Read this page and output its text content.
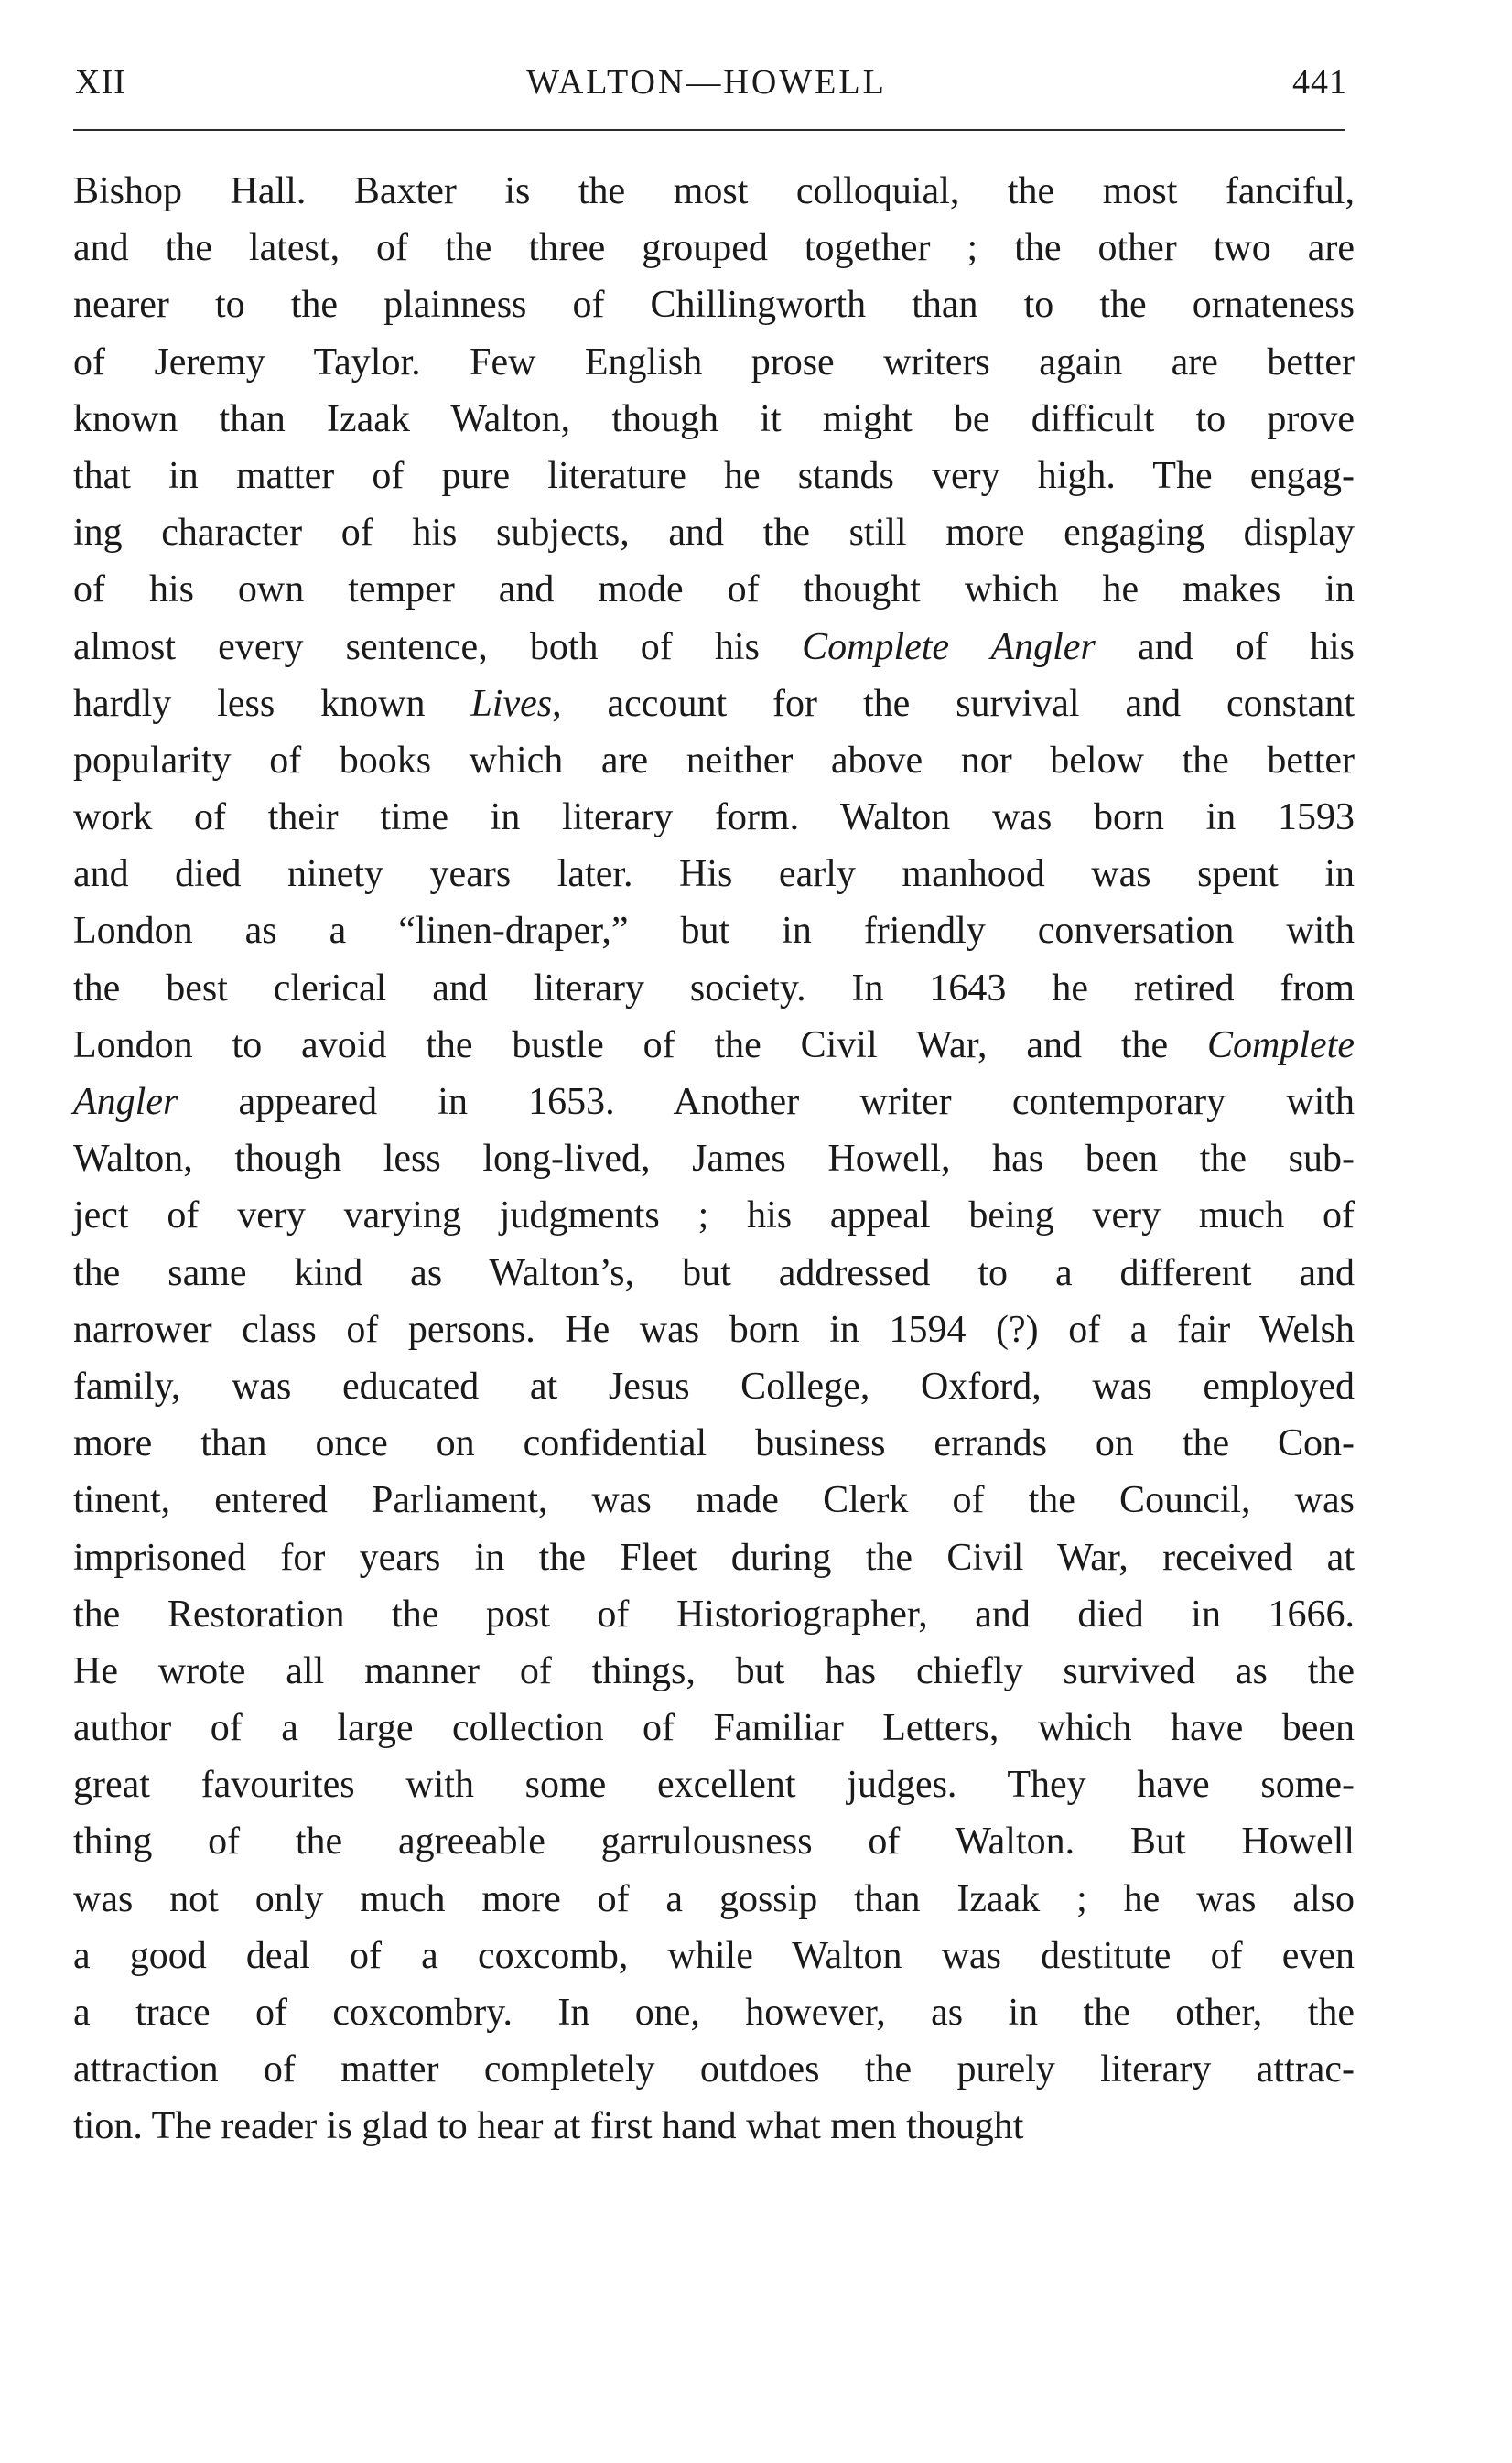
XII	WALTON—HOWELL	441
Bishop Hall. Baxter is the most colloquial, the most fanciful,
and the latest, of the three grouped together ; the other two are
nearer to the plainness of Chillingworth than to the ornateness
of Jeremy Taylor. Few English prose writers again are better
known than Izaak Walton, though it might be difficult to prove
that in matter of pure literature he stands very high. The engag-
ing character of his subjects, and the still more engaging display
of his own temper and mode of thought which he makes in
almost every sentence, both of his Complete Angler and of his
hardly less known Lives, account for the survival and constant
popularity of books which are neither above nor below the better
work of their time in literary form. Walton was born in 1593
and died ninety years later. His early manhood was spent in
London as a “linen-draper,” but in friendly conversation with
the best clerical and literary society. In 1643 he retired from
London to avoid the bustle of the Civil War, and the Complete
Angler appeared in 1653. Another writer contemporary with
Walton, though less long-lived, James Howell, has been the sub-
ject of very varying judgments ; his appeal being very much of
the same kind as Walton’s, but addressed to a different and
narrower class of persons. He was born in 1594 (?) of a fair Welsh
family, was educated at Jesus College, Oxford, was employed
more than once on confidential business errands on the Con-
tinent, entered Parliament, was made Clerk of the Council, was
imprisoned for years in the Fleet during the Civil War, received at
the Restoration the post of Historiographer, and died in 1666.
He wrote all manner of things, but has chiefly survived as the
author of a large collection of Familiar Letters, which have been
great favourites with some excellent judges. They have some-
thing of the agreeable garrulousness of Walton. But Howell
was not only much more of a gossip than Izaak ; he was also
a good deal of a coxcomb, while Walton was destitute of even
a trace of coxcombry. In one, however, as in the other, the
attraction of matter completely outdoes the purely literary attrac-
tion. The reader is glad to hear at first hand what men thought
